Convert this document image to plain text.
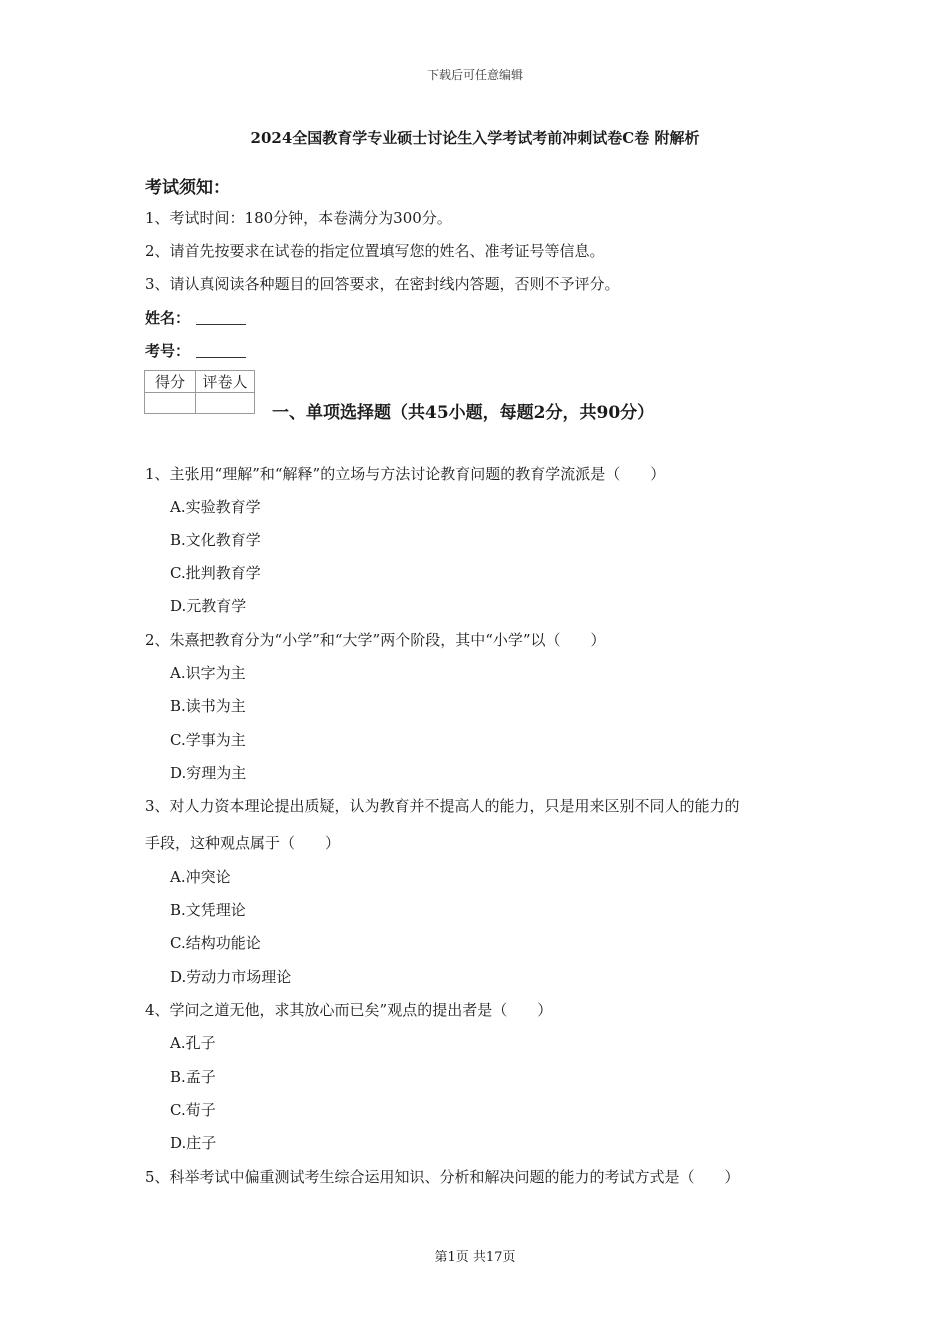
下载后可任意编辑
2024全国教育学专业硕士讨论生入学考试考前冲刺试卷C卷 附解析
考试须知：
1、考试时间：180分钟，本卷满分为300分。
2、请首先按要求在试卷的指定位置填写您的姓名、准考证号等信息。
3、请认真阅读各种题目的回答要求，在密封线内答题，否则不予评分。
姓名：
考号：
得分	评卷人

一、单项选择题（共45小题，每题2分，共90分）
1、主张用“理解”和“解释”的立场与方法讨论教育问题的教育学流派是（　　）
A.实验教育学
B.文化教育学
C.批判教育学
D.元教育学
2、朱熹把教育分为“小学”和“大学”两个阶段，其中“小学”以（　　）
A.识字为主
B.读书为主
C.学事为主
D.穷理为主
3、对人力资本理论提出质疑，认为教育并不提高人的能力，只是用来区别不同人的能力的
手段，这种观点属于（　　）
A.冲突论
B.文凭理论
C.结构功能论
D.劳动力市场理论
4、学问之道无他，求其放心而已矣”观点的提出者是（　　）
A.孔子
B.孟子
C.荀子
D.庄子
5、科举考试中偏重测试考生综合运用知识、分析和解决问题的能力的考试方式是（　　）
第1页 共17页
